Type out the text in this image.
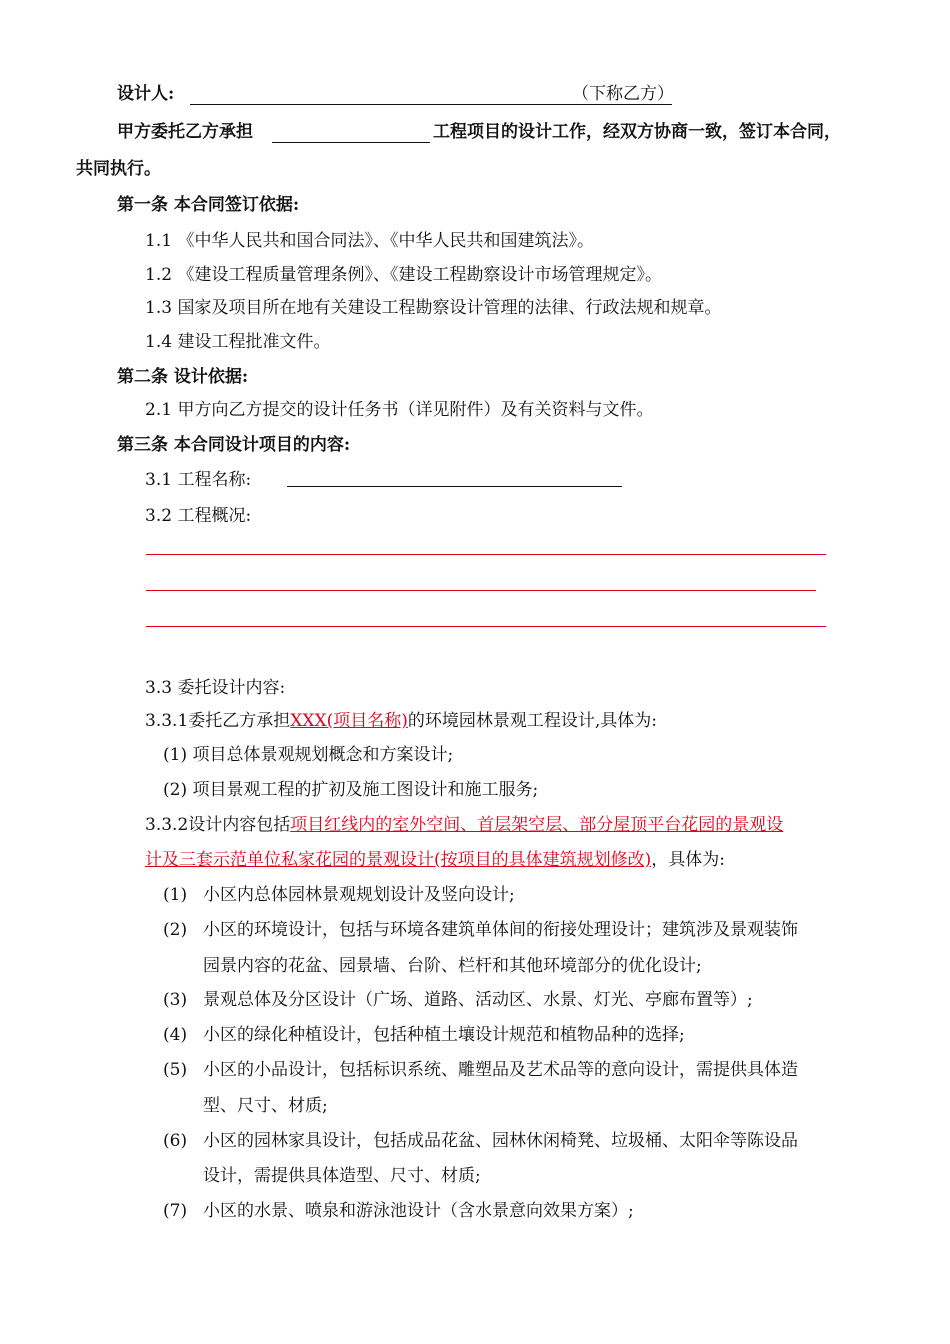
设计人:	（下称乙方）
甲方委托乙方承担	工程项目的设计工作，经双方协商一致，签订本合同，
共同执行。
第一条 本合同签订依据:
1.1 《中华人民共和国合同法》、《中华人民共和国建筑法》。
1.2 《建设工程质量管理条例》、《建设工程勘察设计市场管理规定》。
1.3 国家及项目所在地有关建设工程勘察设计管理的法律、行政法规和规章。
1.4 建设工程批准文件。
第二条 设计依据:
2.1 甲方向乙方提交的设计任务书（详见附件）及有关资料与文件。
第三条 本合同设计项目的内容:
3.1 工程名称:
3.2 工程概况:
3.3 委托设计内容:
3.3.1委托乙方承担XXX(项目名称)的环境园林景观工程设计,具体为:
(1) 项目总体景观规划概念和方案设计;
(2) 项目景观工程的扩初及施工图设计和施工服务;
3.3.2设计内容包括项目红线内的室外空间、首层架空层、部分屋顶平台花园的景观设
计及三套示范单位私家花园的景观设计(按项目的具体建筑规划修改)，具体为:
(1) 小区内总体园林景观规划设计及竖向设计;
(2) 小区的环境设计，包括与环境各建筑单体间的衔接处理设计；建筑涉及景观装饰
园景内容的花盆、园景墙、台阶、栏杆和其他环境部分的优化设计;
(3) 景观总体及分区设计（广场、道路、活动区、水景、灯光、亭廊布置等）;
(4) 小区的绿化种植设计，包括种植土壤设计规范和植物品种的选择;
(5) 小区的小品设计，包括标识系统、雕塑品及艺术品等的意向设计，需提供具体造
型、尺寸、材质;
(6) 小区的园林家具设计，包括成品花盆、园林休闲椅凳、垃圾桶、太阳伞等陈设品
设计，需提供具体造型、尺寸、材质;
(7) 小区的水景、喷泉和游泳池设计（含水景意向效果方案）;
